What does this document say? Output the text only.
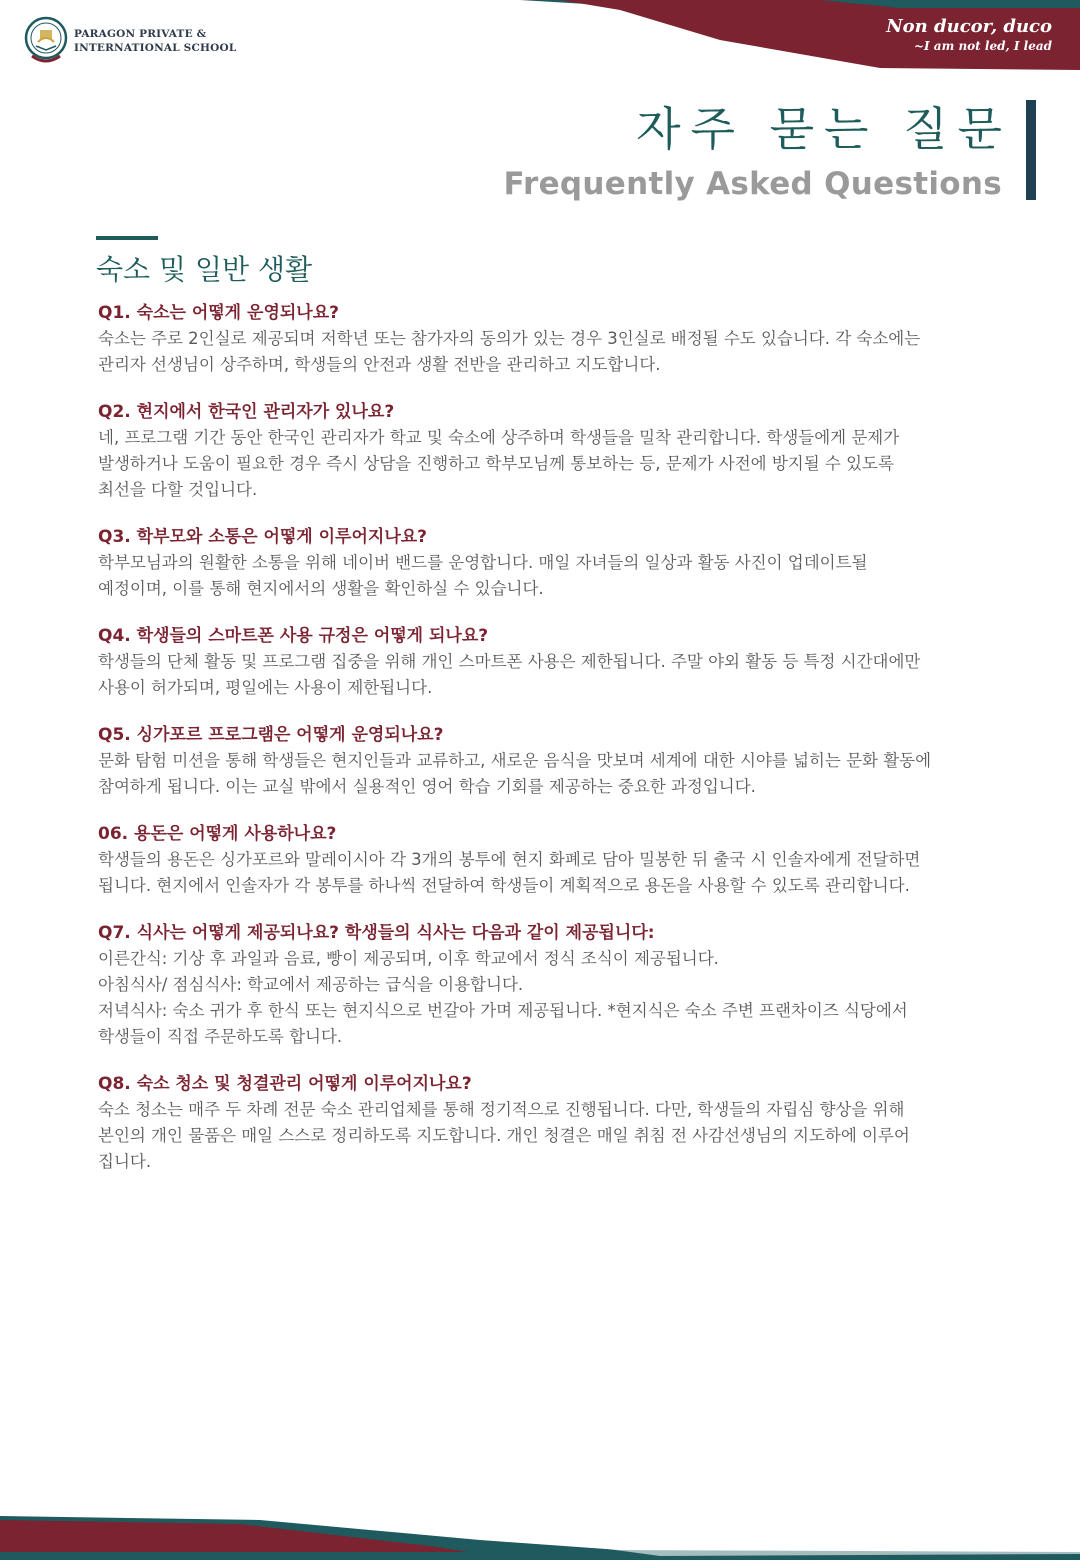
PARAGON PRIVATE &
INTERNATIONAL SCHOOL
Non ducor, duco
~I am not led, I lead
자주 묻는 질문
Frequently Asked Questions
숙소 및 일반 생활
Q1. 숙소는 어떻게 운영되나요?
숙소는 주로 2인실로 제공되며 저학년 또는 참가자의 동의가 있는 경우 3인실로 배정될 수도 있습니다. 각 숙소에는
관리자 선생님이 상주하며, 학생들의 안전과 생활 전반을 관리하고 지도합니다.
Q2. 현지에서 한국인 관리자가 있나요?
네, 프로그램 기간 동안 한국인 관리자가 학교 및 숙소에 상주하며 학생들을 밀착 관리합니다. 학생들에게 문제가
발생하거나 도움이 필요한 경우 즉시 상담을 진행하고 학부모님께 통보하는 등, 문제가 사전에 방지될 수 있도록
최선을 다할 것입니다.
Q3. 학부모와 소통은 어떻게 이루어지나요?
학부모님과의 원활한 소통을 위해 네이버 밴드를 운영합니다. 매일 자녀들의 일상과 활동 사진이 업데이트될
예정이며, 이를 통해 현지에서의 생활을 확인하실 수 있습니다.
Q4. 학생들의 스마트폰 사용 규정은 어떻게 되나요?
학생들의 단체 활동 및 프로그램 집중을 위해 개인 스마트폰 사용은 제한됩니다. 주말 야외 활동 등 특정 시간대에만
사용이 허가되며, 평일에는 사용이 제한됩니다.
Q5. 싱가포르 프로그램은 어떻게 운영되나요?
문화 탐험 미션을 통해 학생들은 현지인들과 교류하고, 새로운 음식을 맛보며 세계에 대한 시야를 넓히는 문화 활동에
참여하게 됩니다. 이는 교실 밖에서 실용적인 영어 학습 기회를 제공하는 중요한 과정입니다.
06. 용돈은 어떻게 사용하나요?
학생들의 용돈은 싱가포르와 말레이시아 각 3개의 봉투에 현지 화폐로 담아 밀봉한 뒤 출국 시 인솔자에게 전달하면
됩니다. 현지에서 인솔자가 각 봉투를 하나씩 전달하여 학생들이 계획적으로 용돈을 사용할 수 있도록 관리합니다.
Q7. 식사는 어떻게 제공되나요? 학생들의 식사는 다음과 같이 제공됩니다:
이른간식: 기상 후 과일과 음료, 빵이 제공되며, 이후 학교에서 정식 조식이 제공됩니다.
아침식사/ 점심식사: 학교에서 제공하는 급식을 이용합니다.
저녁식사: 숙소 귀가 후 한식 또는 현지식으로 번갈아 가며 제공됩니다. *현지식은 숙소 주변 프랜차이즈 식당에서
학생들이 직접 주문하도록 합니다.
Q8. 숙소 청소 및 청결관리 어떻게 이루어지나요?
숙소 청소는 매주 두 차례 전문 숙소 관리업체를 통해 정기적으로 진행됩니다. 다만, 학생들의 자립심 향상을 위해
본인의 개인 물품은 매일 스스로 정리하도록 지도합니다. 개인 청결은 매일 취침 전 사감선생님의 지도하에 이루어
집니다.
